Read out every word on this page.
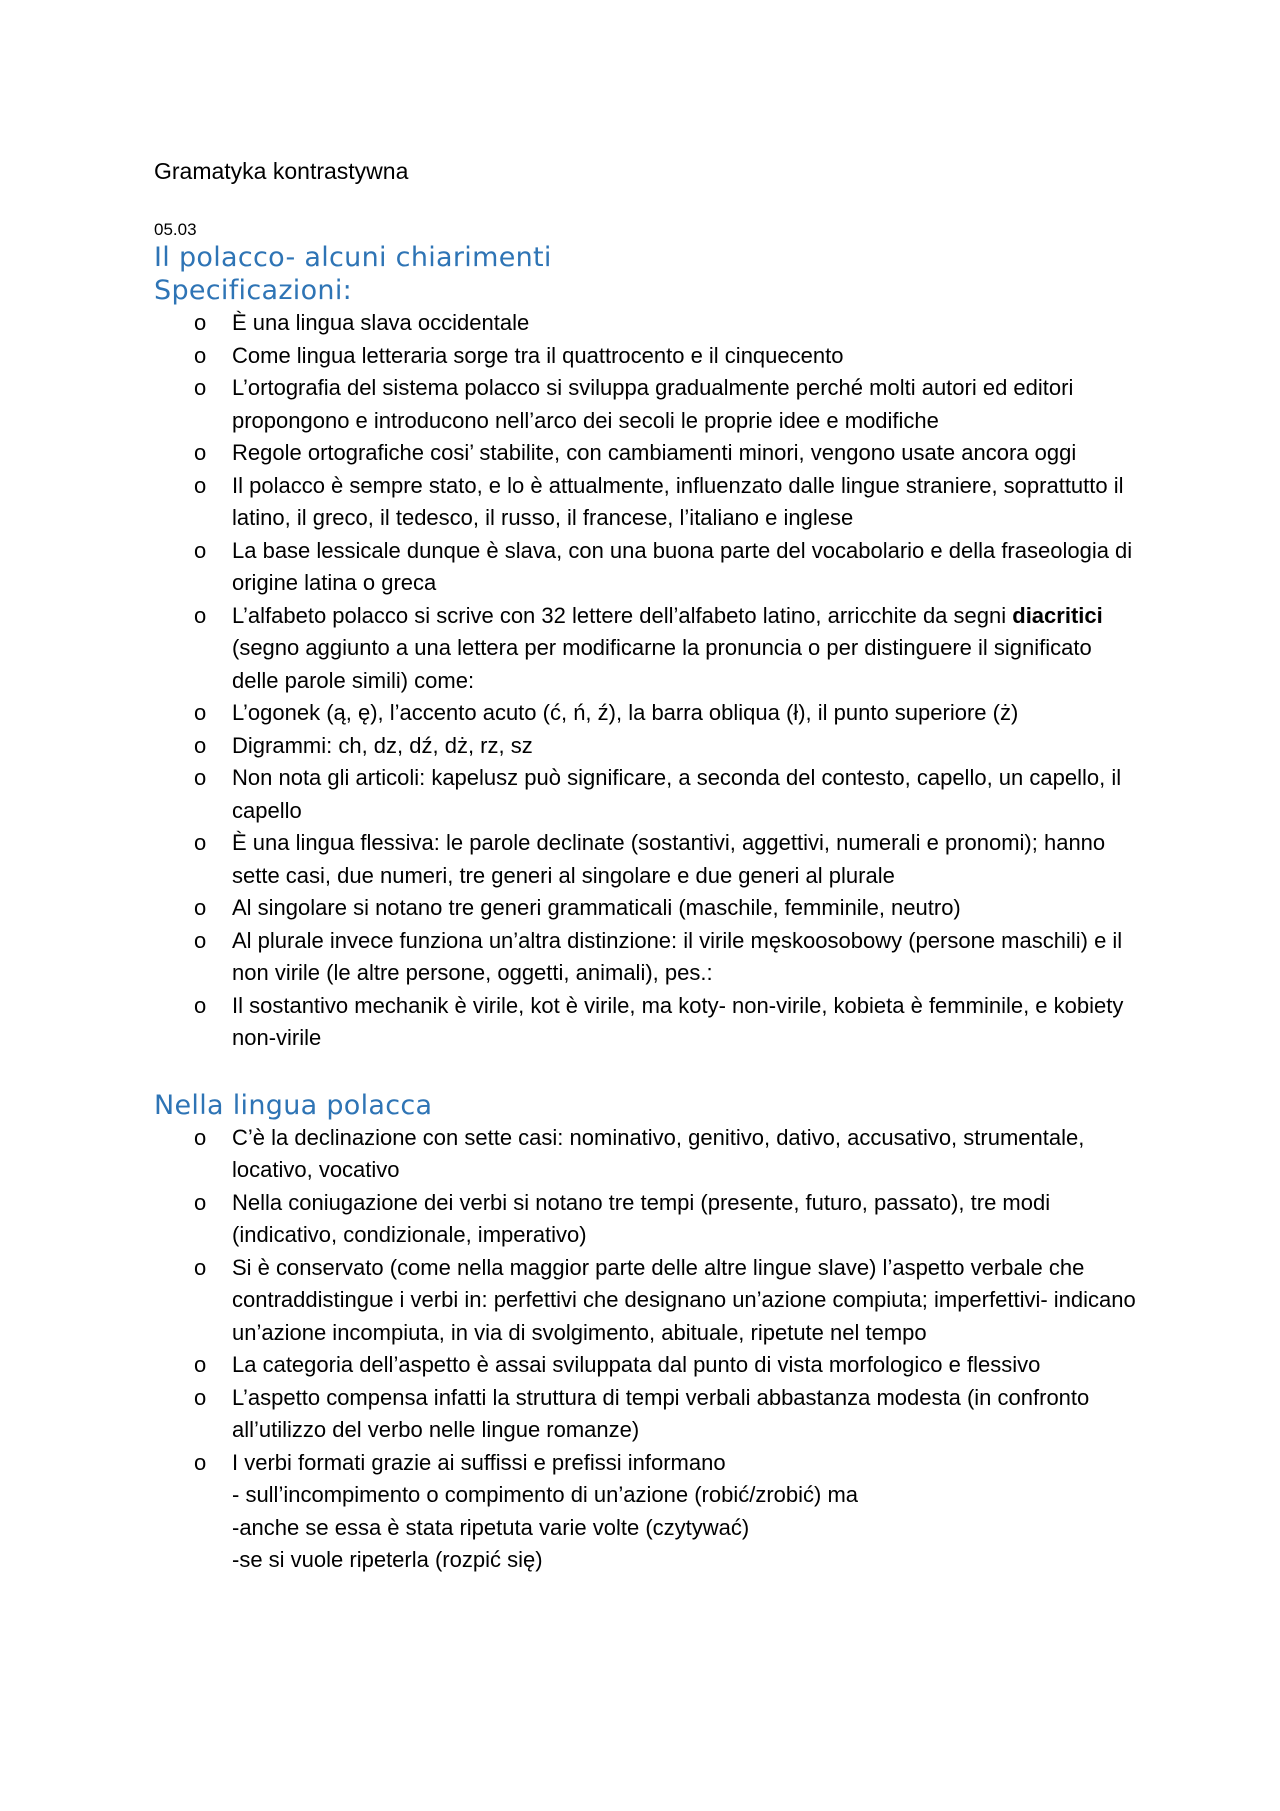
Gramatyka kontrastywna

05.03
Il polacco- alcuni chiarimenti
Specificazioni:
o È una lingua slava occidentale
o Come lingua letteraria sorge tra il quattrocento e il cinquecento
o L’ortografia del sistema polacco si sviluppa gradualmente perché molti autori ed editori propongono e introducono nell’arco dei secoli le proprie idee e modifiche
o Regole ortografiche cosi’ stabilite, con cambiamenti minori, vengono usate ancora oggi
o Il polacco è sempre stato, e lo è attualmente, influenzato dalle lingue straniere, soprattutto il latino, il greco, il tedesco, il russo, il francese, l’italiano e inglese
o La base lessicale dunque è slava, con una buona parte del vocabolario e della fraseologia di origine latina o greca
o L’alfabeto polacco si scrive con 32 lettere dell’alfabeto latino, arricchite da segni diacritici (segno aggiunto a una lettera per modificarne la pronuncia o per distinguere il significato delle parole simili) come:
o L’ogonek (ą, ę), l’accento acuto (ć, ń, ź), la barra obliqua (ł), il punto superiore (ż)
o Digrammi: ch, dz, dź, dż, rz, sz
o Non nota gli articoli: kapelusz può significare, a seconda del contesto, capello, un capello, il capello
o È una lingua flessiva: le parole declinate (sostantivi, aggettivi, numerali e pronomi); hanno sette casi, due numeri, tre generi al singolare e due generi al plurale
o Al singolare si notano tre generi grammaticali (maschile, femminile, neutro)
o Al plurale invece funziona un’altra distinzione: il virile męskoosobowy (persone maschili) e il non virile (le altre persone, oggetti, animali), pes.:
o Il sostantivo mechanik è virile, kot è virile, ma koty- non-virile, kobieta è femminile, e kobiety non-virile
Nella lingua polacca
o C’è la declinazione con sette casi: nominativo, genitivo, dativo, accusativo, strumentale, locativo, vocativo
o Nella coniugazione dei verbi si notano tre tempi (presente, futuro, passato), tre modi (indicativo, condizionale, imperativo)
o Si è conservato (come nella maggior parte delle altre lingue slave) l’aspetto verbale che contraddistingue i verbi in: perfettivi che designano un’azione compiuta; imperfettivi- indicano un’azione incompiuta, in via di svolgimento, abituale, ripetute nel tempo
o La categoria dell’aspetto è assai sviluppata dal punto di vista morfologico e flessivo
o L’aspetto compensa infatti la struttura di tempi verbali abbastanza modesta (in confronto all’utilizzo del verbo nelle lingue romanze)
o I verbi formati grazie ai suffissi e prefissi informano
- sull’incompimento o compimento di un’azione (robić/zrobić) ma
-anche se essa è stata ripetuta varie volte (czytywać)
-se si vuole ripeterla (rozpić się)
